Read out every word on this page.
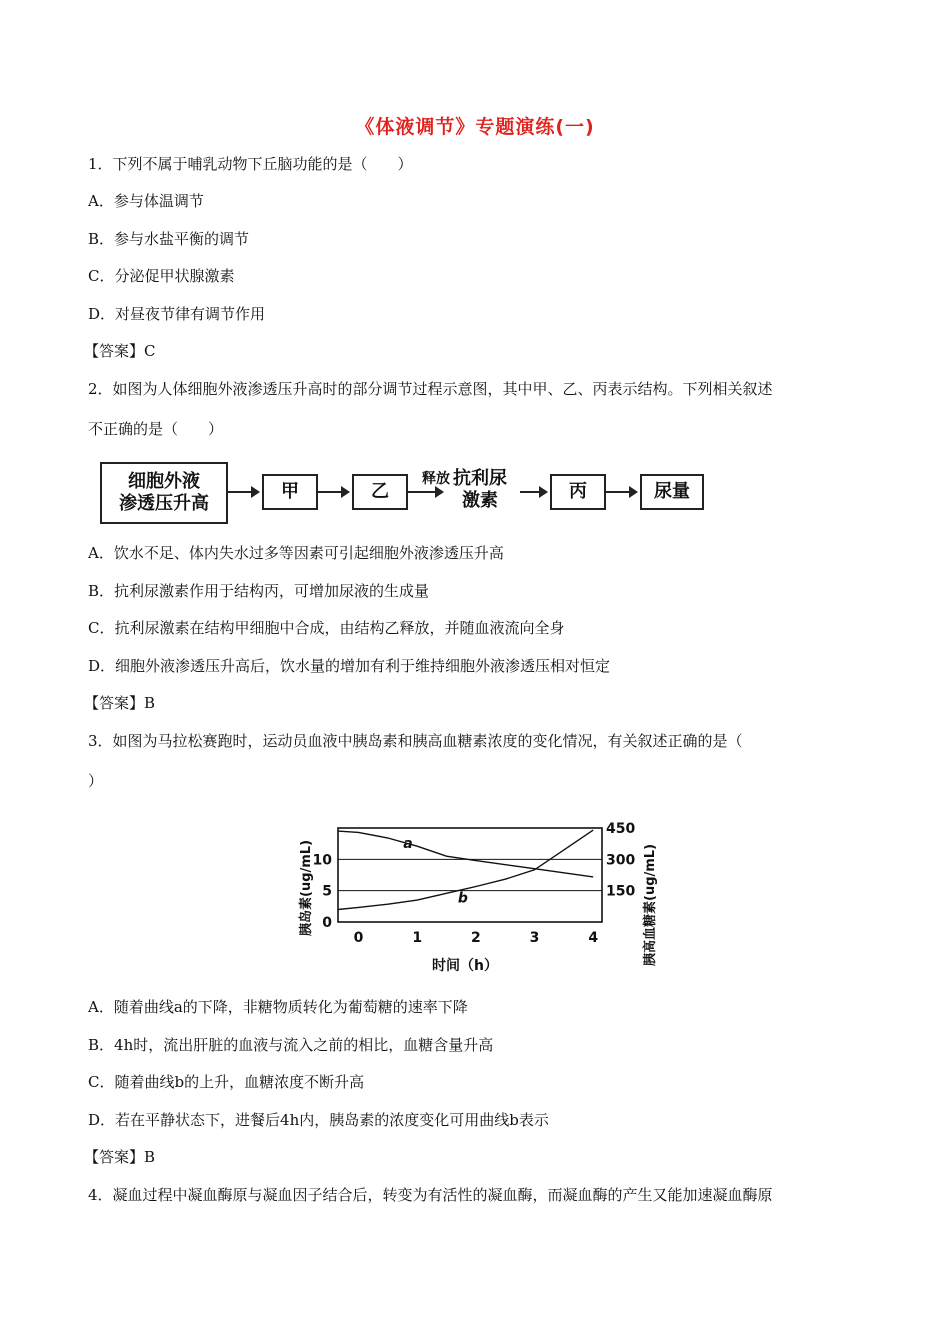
《体液调节》专题演练(一)
1．下列不属于哺乳动物下丘脑功能的是（　　）
A．参与体温调节
B．参与水盐平衡的调节
C．分泌促甲状腺激素
D．对昼夜节律有调节作用
【答案】C
2．如图为人体细胞外液渗透压升高时的部分调节过程示意图，其中甲、乙、丙表示结构。下列相关叙述
不正确的是（　　）
细胞外液
渗透压升高
甲	乙
释放 抗利尿
激素	丙	尿量
A．饮水不足、体内失水过多等因素可引起细胞外液渗透压升高
B．抗利尿激素作用于结构丙，可增加尿液的生成量
C．抗利尿激素在结构甲细胞中合成，由结构乙释放，并随血液流向全身
D．细胞外液渗透压升高后，饮水量的增加有利于维持细胞外液渗透压相对恒定
【答案】B
3．如图为马拉松赛跑时，运动员血液中胰岛素和胰高血糖素浓度的变化情况，有关叙述正确的是（
）
0
5
10
150
300
450
0	1	2	3	4
a
b
胰岛素(ug/mL)	胰高血糖素(ug/mL)
时间（h）
A．随着曲线a的下降，非糖物质转化为葡萄糖的速率下降
B．4h时，流出肝脏的血液与流入之前的相比，血糖含量升高
C．随着曲线b的上升，血糖浓度不断升高
D．若在平静状态下，进餐后4h内，胰岛素的浓度变化可用曲线b表示
【答案】B
4．凝血过程中凝血酶原与凝血因子结合后，转变为有活性的凝血酶，而凝血酶的产生又能加速凝血酶原
